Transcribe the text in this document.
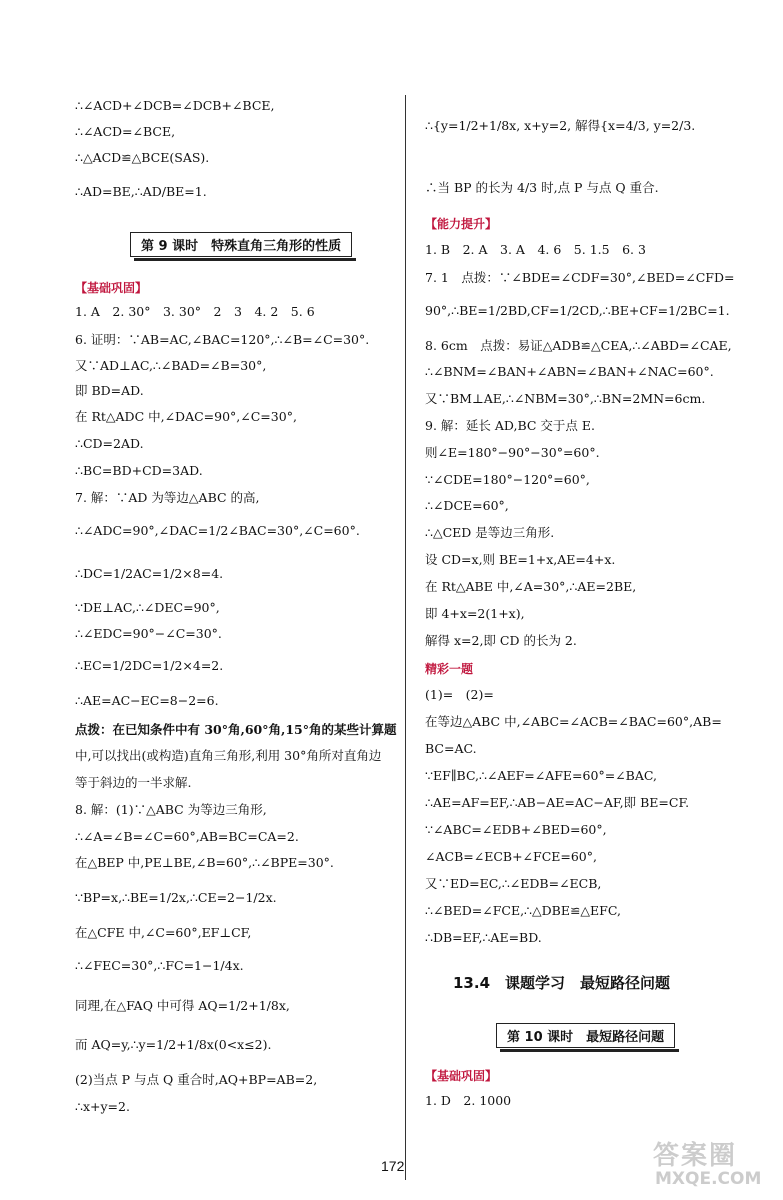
∴∠ACD+∠DCB=∠DCB+∠BCE,
∴∠ACD=∠BCE,
∴△ACD≌△BCE(SAS).
∴AD=BE,∴AD/BE=1.
第 9 课时　特殊直角三角形的性质
【基础巩固】
1. A　2. 30°　3. 30°　2　3　4. 2　5. 6
6. 证明：∵AB=AC,∠BAC=120°,∴∠B=∠C=30°.
又∵AD⊥AC,∴∠BAD=∠B=30°,
即 BD=AD.
在 Rt△ADC 中,∠DAC=90°,∠C=30°,
∴CD=2AD.
∴BC=BD+CD=3AD.
7. 解：∵AD 为等边△ABC 的高,
∴∠ADC=90°,∠DAC=1/2∠BAC=30°,∠C=60°.
∴DC=1/2AC=1/2×8=4.
∵DE⊥AC,∴∠DEC=90°,
∴∠EDC=90°−∠C=30°.
∴EC=1/2DC=1/2×4=2.
∴AE=AC−EC=8−2=6.
点拨：在已知条件中有 30°角,60°角,15°角的某些计算题
中,可以找出(或构造)直角三角形,利用 30°角所对直角边
等于斜边的一半求解.
8. 解：(1)∵△ABC 为等边三角形,
∴∠A=∠B=∠C=60°,AB=BC=CA=2.
在△BEP 中,PE⊥BE,∠B=60°,∴∠BPE=30°.
∵BP=x,∴BE=1/2x,∴CE=2−1/2x.
在△CFE 中,∠C=60°,EF⊥CF,
∴∠FEC=30°,∴FC=1−1/4x.
同理,在△FAQ 中可得 AQ=1/2+1/8x,
而 AQ=y,∴y=1/2+1/8x(0<x≤2).
(2)当点 P 与点 Q 重合时,AQ+BP=AB=2,
∴x+y=2.
∴{y=1/2+1/8x, x+y=2, 解得{x=4/3, y=2/3.
∴当 BP 的长为 4/3 时,点 P 与点 Q 重合.
【能力提升】
1. B　2. A　3. A　4. 6　5. 1.5　6. 3
7. 1　点拨：∵∠BDE=∠CDF=30°,∠BED=∠CFD=
90°,∴BE=1/2BD,CF=1/2CD,∴BE+CF=1/2BC=1.
8. 6cm　点拨：易证△ADB≌△CEA,∴∠ABD=∠CAE,
∴∠BNM=∠BAN+∠ABN=∠BAN+∠NAC=60°.
又∵BM⊥AE,∴∠NBM=30°,∴BN=2MN=6cm.
9. 解：延长 AD,BC 交于点 E.
则∠E=180°−90°−30°=60°.
∵∠CDE=180°−120°=60°,
∴∠DCE=60°,
∴△CED 是等边三角形.
设 CD=x,则 BE=1+x,AE=4+x.
在 Rt△ABE 中,∠A=30°,∴AE=2BE,
即 4+x=2(1+x),
解得 x=2,即 CD 的长为 2.
精彩一题
(1)=　(2)=
在等边△ABC 中,∠ABC=∠ACB=∠BAC=60°,AB=
BC=AC.
∵EF∥BC,∴∠AEF=∠AFE=60°=∠BAC,
∴AE=AF=EF,∴AB−AE=AC−AF,即 BE=CF.
∵∠ABC=∠EDB+∠BED=60°,
∠ACB=∠ECB+∠FCE=60°,
又∵ED=EC,∴∠EDB=∠ECB,
∴∠BED=∠FCE,∴△DBE≌△EFC,
∴DB=EF,∴AE=BD.
13.4　课题学习　最短路径问题
第 10 课时　最短路径问题
【基础巩固】
1. D　2. 1000
172	答案圈
MXQE.COM
